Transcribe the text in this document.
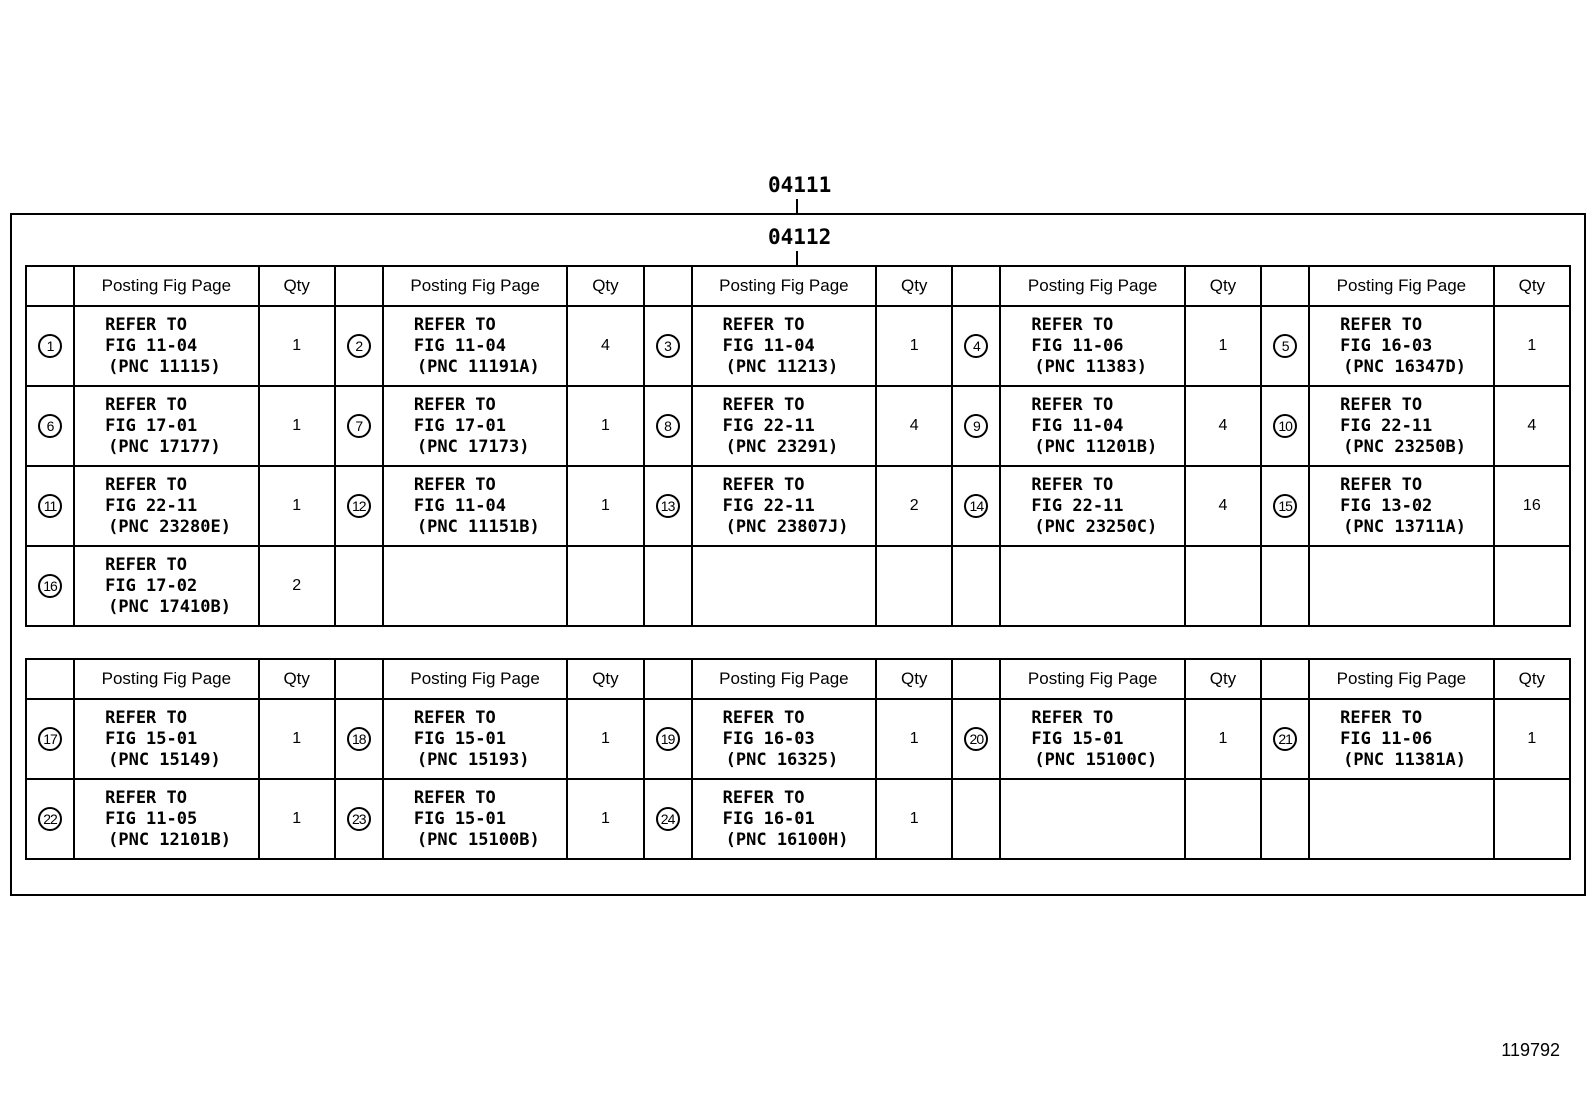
04111
04112
	Posting Fig Page	Qty		Posting Fig Page	Qty		Posting Fig Page	Qty		Posting Fig Page	Qty		Posting Fig Page	Qty
1	REFER TO
FIG 11-04
(PNC 11115)	1	2	REFER TO
FIG 11-04
(PNC 11191A)	4	3	REFER TO
FIG 11-04
(PNC 11213)	1	4	REFER TO
FIG 11-06
(PNC 11383)	1	5	REFER TO
FIG 16-03
(PNC 16347D)	1
6	REFER TO
FIG 17-01
(PNC 17177)	1	7	REFER TO
FIG 17-01
(PNC 17173)	1	8	REFER TO
FIG 22-11
(PNC 23291)	4	9	REFER TO
FIG 11-04
(PNC 11201B)	4	10	REFER TO
FIG 22-11
(PNC 23250B)	4
11	REFER TO
FIG 22-11
(PNC 23280E)	1	12	REFER TO
FIG 11-04
(PNC 11151B)	1	13	REFER TO
FIG 22-11
(PNC 23807J)	2	14	REFER TO
FIG 22-11
(PNC 23250C)	4	15	REFER TO
FIG 13-02
(PNC 13711A)	16
16	REFER TO
FIG 17-02
(PNC 17410B)	2												
	Posting Fig Page	Qty		Posting Fig Page	Qty		Posting Fig Page	Qty		Posting Fig Page	Qty		Posting Fig Page	Qty
17	REFER TO
FIG 15-01
(PNC 15149)	1	18	REFER TO
FIG 15-01
(PNC 15193)	1	19	REFER TO
FIG 16-03
(PNC 16325)	1	20	REFER TO
FIG 15-01
(PNC 15100C)	1	21	REFER TO
FIG 11-06
(PNC 11381A)	1
22	REFER TO
FIG 11-05
(PNC 12101B)	1	23	REFER TO
FIG 15-01
(PNC 15100B)	1	24	REFER TO
FIG 16-01
(PNC 16100H)	1						
119792
